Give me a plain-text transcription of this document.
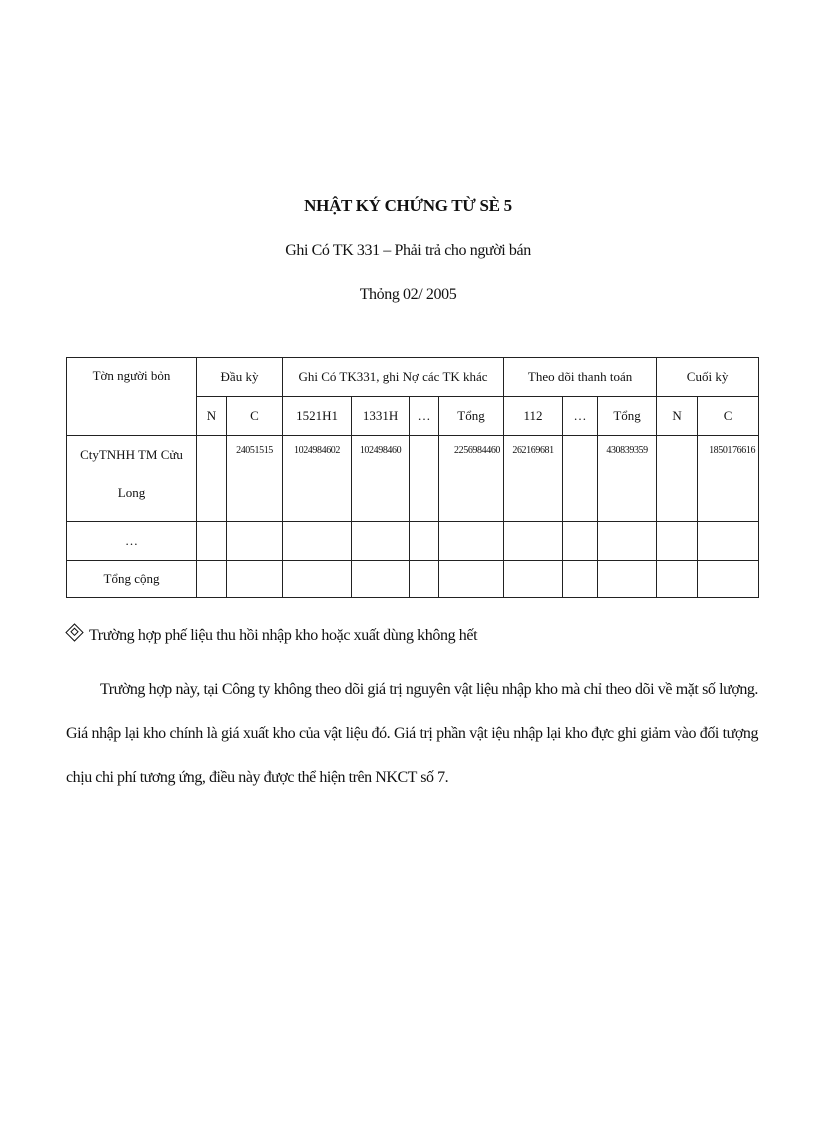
NHẬT KÝ CHỨNG TỪ SÈ 5
Ghi Có TK 331 – Phải trả cho người bán
Thỏng 02/ 2005
Tờn người bỏn	Đầu kỳ		Ghi Có TK331, ghi Nợ các TK khác				Theo dõi thanh toán			Cuối kỳ	
	N	C	1521H1	1331H	…	Tổng	112	…	Tổng	N	C
CtyTNHH TM Cửu Long		24051515	1024984602	102498460		2256984460	262169681		430839359		1850176616
…											
Tổng cộng											
Trường hợp phế liệu thu hồi nhập kho hoặc xuất dùng không hết
Trường hợp này, tại Công ty không theo dõi giá trị nguyên vật liệu nhập kho mà chỉ theo dõi về mặt số lượng. Giá nhập lại kho chính là giá xuất kho của vật liệu đó. Giá trị phần vật iệu nhập lại kho đực ghi giảm vào đối tượng chịu chi phí tương ứng, điều này được thể hiện trên NKCT số 7.
